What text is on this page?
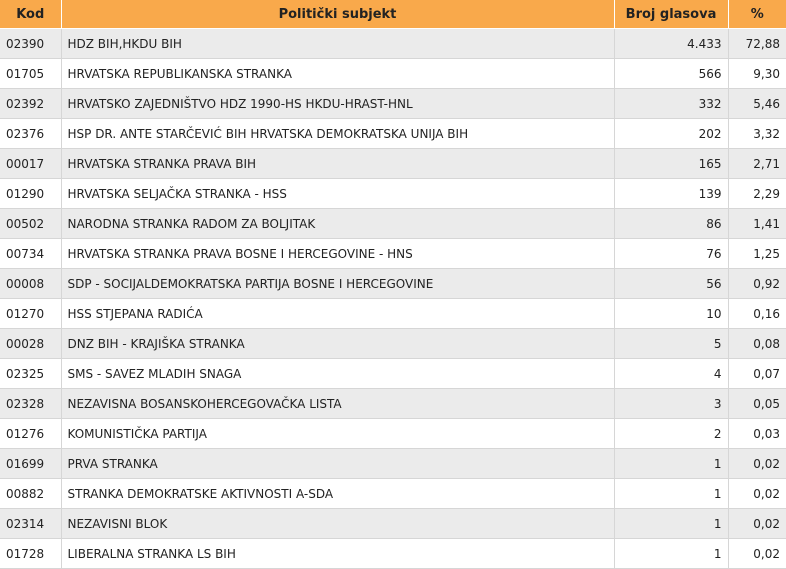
Kod	Politički subjekt	Broj glasova	%
02390	HDZ BIH,HKDU BIH	4.433	72,88
01705	HRVATSKA REPUBLIKANSKA STRANKA	566	9,30
02392	HRVATSKO ZAJEDNIŠTVO HDZ 1990-HS HKDU-HRAST-HNL	332	5,46
02376	HSP DR. ANTE STARČEVIĆ BIH HRVATSKA DEMOKRATSKA UNIJA BIH	202	3,32
00017	HRVATSKA STRANKA PRAVA BIH	165	2,71
01290	HRVATSKA SELJAČKA STRANKA - HSS	139	2,29
00502	NARODNA STRANKA RADOM ZA BOLJITAK	86	1,41
00734	HRVATSKA STRANKA PRAVA BOSNE I HERCEGOVINE - HNS	76	1,25
00008	SDP - SOCIJALDEMOKRATSKA PARTIJA BOSNE I HERCEGOVINE	56	0,92
01270	HSS STJEPANA RADIĆA	10	0,16
00028	DNZ BIH - KRAJIŠKA STRANKA	5	0,08
02325	SMS - SAVEZ MLADIH SNAGA	4	0,07
02328	NEZAVISNA BOSANSKOHERCEGOVAČKA LISTA	3	0,05
01276	KOMUNISTIČKA PARTIJA	2	0,03
01699	PRVA STRANKA	1	0,02
00882	STRANKA DEMOKRATSKE AKTIVNOSTI A-SDA	1	0,02
02314	NEZAVISNI BLOK	1	0,02
01728	LIBERALNA STRANKA LS BIH	1	0,02
